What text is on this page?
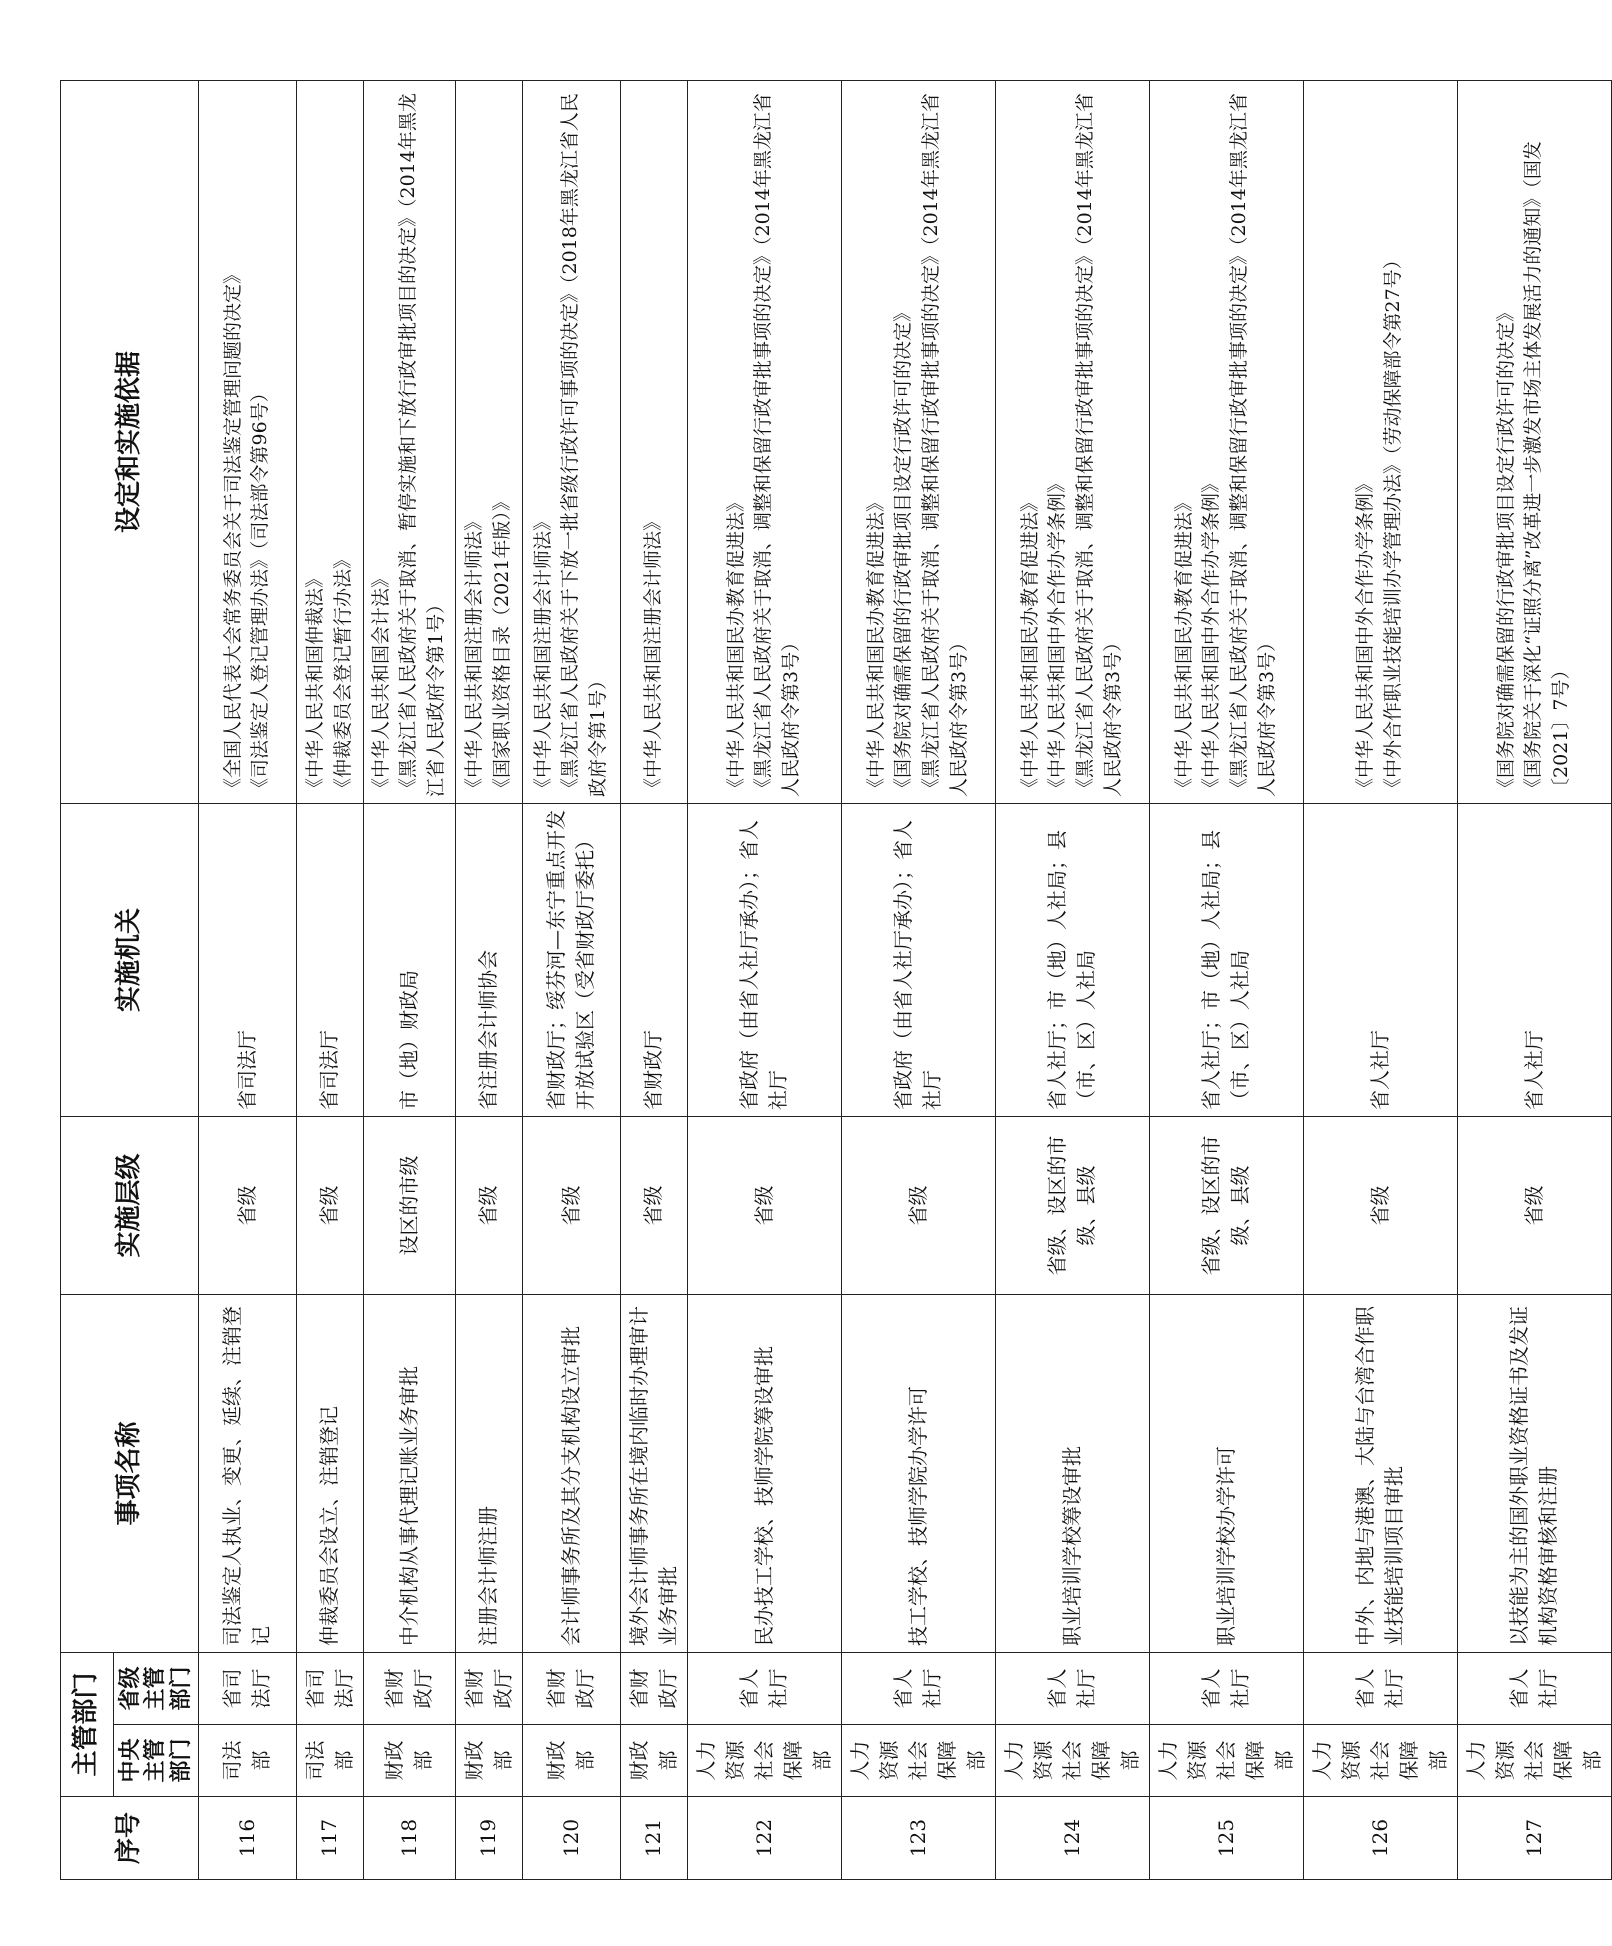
序号	主管部门		事项名称	实施层级	实施机关	设定和实施依据
	中央主管部门	省级主管部门				
116	司法部	省司法厅	司法鉴定人执业、变更、延续、注销登记	省级	省司法厅	《全国人民代表大会常务委员会关于司法鉴定管理问题的决定》 《司法鉴定人登记管理办法》（司法部令第96号）

117	司法部	省司法厅	仲裁委员会设立、注销登记	省级	省司法厅	《中华人民共和国仲裁法》 《仲裁委员会登记暂行办法》

118	财政部	省财政厅	中介机构从事代理记账业务审批	设区的市级	市（地）财政局	《中华人民共和国会计法》 《黑龙江省人民政府关于取消、暂停实施和下放行政审批项目的决定》（2014年黑龙江省人民政府令第1号）

119	财政部	省财政厅	注册会计师注册	省级	省注册会计师协会	《中华人民共和国注册会计师法》 《国家职业资格目录（2021年版）》

120	财政部	省财政厅	会计师事务所及其分支机构设立审批	省级	省财政厅；绥芬河—东宁重点开发开放试验区（受省财政厅委托）	《中华人民共和国注册会计师法》 《黑龙江省人民政府关于下放一批省级行政许可事项的决定》（2018年黑龙江省人民政府令第1号）

121	财政部	省财政厅	境外会计师事务所在境内临时办理审计业务审批	省级	省财政厅	《中华人民共和国注册会计师法》

122	人力资源社会保障部	省人社厅	民办技工学校、技师学院筹设审批	省级	省政府（由省人社厅承办）；省人社厅	《中华人民共和国民办教育促进法》 《黑龙江省人民政府关于取消、调整和保留行政审批事项的决定》（2014年黑龙江省人民政府令第3号）

123	人力资源社会保障部	省人社厅	技工学校、技师学院办学许可	省级	省政府（由省人社厅承办）；省人社厅	《中华人民共和国民办教育促进法》 《国务院对确需保留的行政审批项目设定行政许可的决定》 《黑龙江省人民政府关于取消、调整和保留行政审批事项的决定》（2014年黑龙江省人民政府令第3号）

124	人力资源社会保障部	省人社厅	职业培训学校筹设审批	省级、设区的市级、县级	省人社厅；市（地）人社局；县（市、区）人社局	《中华人民共和国民办教育促进法》 《中华人民共和国中外合作办学条例》 《黑龙江省人民政府关于取消、调整和保留行政审批事项的决定》（2014年黑龙江省人民政府令第3号）

125	人力资源社会保障部	省人社厅	职业培训学校办学许可	省级、设区的市级、县级	省人社厅；市（地）人社局；县（市、区）人社局	《中华人民共和国民办教育促进法》 《中华人民共和国中外合作办学条例》 《黑龙江省人民政府关于取消、调整和保留行政审批事项的决定》（2014年黑龙江省人民政府令第3号）

126	人力资源社会保障部	省人社厅	中外、内地与港澳、大陆与台湾合作职业技能培训项目审批	省级	省人社厅	《中华人民共和国中外合作办学条例》 《中外合作职业技能培训办学管理办法》（劳动保障部令第27号）

127	人力资源社会保障部	省人社厅	以技能为主的国外职业资格证书及发证机构资格审核和注册	省级	省人社厅	《国务院对确需保留的行政审批项目设定行政许可的决定》 《国务院关于深化“证照分离”改革进一步激发市场主体发展活力的通知》（国发〔2021〕7号）
